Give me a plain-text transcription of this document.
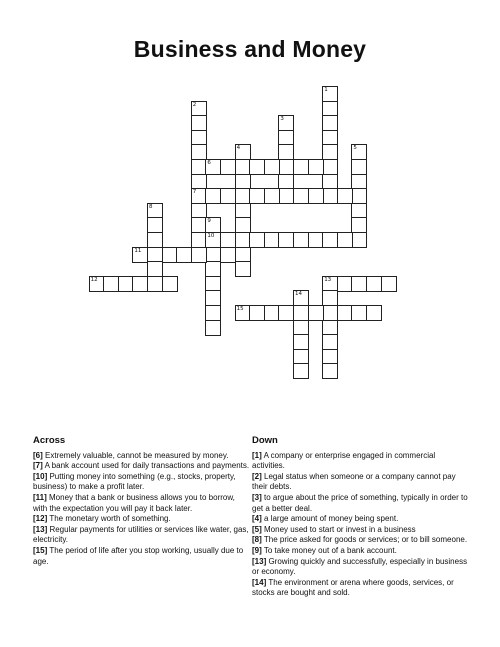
Business and Money
1
2
7
3
4	5
6
8
9
10
11
12	13
14
15
Across

[6] Extremely valuable, cannot be measured by money.

[7] A bank account used for daily transactions and payments.

[10] Putting money into something (e.g., stocks, property, business) to make a profit later.

[11] Money that a bank or business allows you to borrow, with the expectation you will pay it back later.

[12] The monetary worth of something.

[13] Regular payments for utilities or services like water, gas, electricity.

[15] The period of life after you stop working, usually due to age.

Down

[1] A company or enterprise engaged in commercial activities.

[2] Legal status when someone or a company cannot pay their debts.

[3] to argue about the price of something, typically in order to get a better deal.

[4] a large amount of money being spent.

[5] Money used to start or invest in a business

[8] The price asked for goods or services; or to bill someone.

[9] To take money out of a bank account.

[13] Growing quickly and successfully, especially in business or economy.

[14] The environment or arena where goods, services, or stocks are bought and sold.
